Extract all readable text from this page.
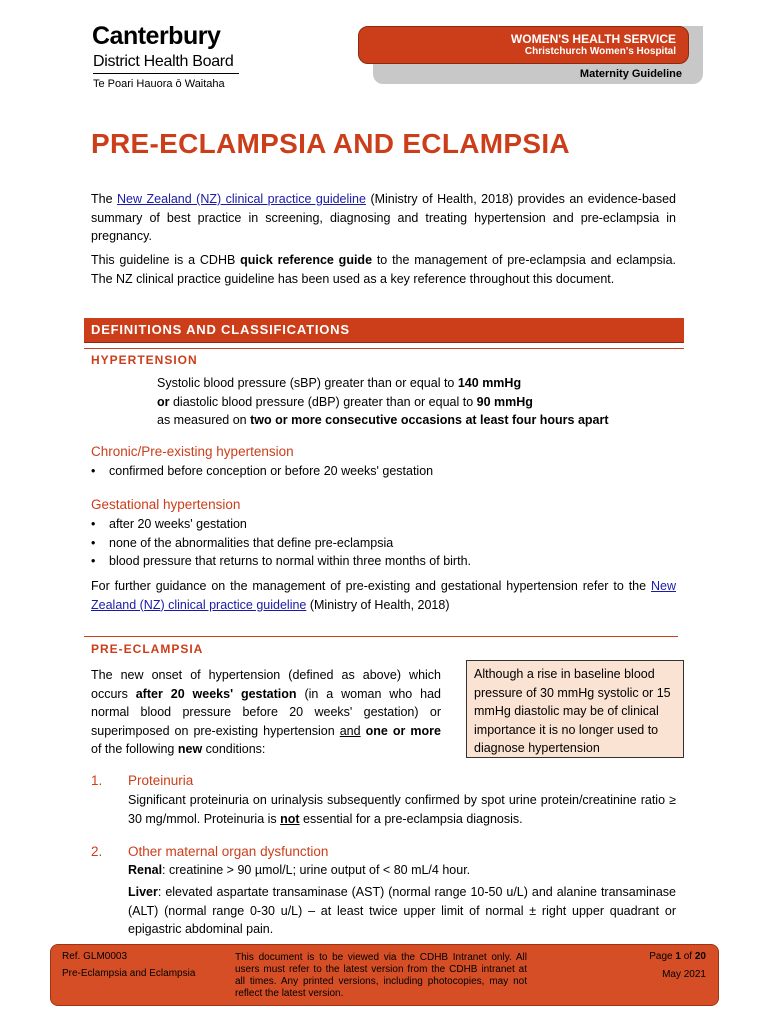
Canterbury
District Health Board
Te Poari Hauora ō Waitaha
WOMEN'S HEALTH SERVICE
Christchurch Women's Hospital
Maternity Guideline
PRE-ECLAMPSIA AND ECLAMPSIA
The New Zealand (NZ) clinical practice guideline (Ministry of Health, 2018) provides an evidence-based summary of best practice in screening, diagnosing and treating hypertension and pre-eclampsia in pregnancy.
This guideline is a CDHB quick reference guide to the management of pre-eclampsia and eclampsia. The NZ clinical practice guideline has been used as a key reference throughout this document.
DEFINITIONS AND CLASSIFICATIONS
HYPERTENSION
Systolic blood pressure (sBP) greater than or equal to 140 mmHg
or diastolic blood pressure (dBP) greater than or equal to 90 mmHg
as measured on two or more consecutive occasions at least four hours apart
Chronic/Pre-existing hypertension
• confirmed before conception or before 20 weeks' gestation
Gestational hypertension
• after 20 weeks' gestation
• none of the abnormalities that define pre-eclampsia
• blood pressure that returns to normal within three months of birth.
For further guidance on the management of pre-existing and gestational hypertension refer to the New Zealand (NZ) clinical practice guideline (Ministry of Health, 2018)
PRE-ECLAMPSIA
The new onset of hypertension (defined as above) which occurs after 20 weeks' gestation (in a woman who had normal blood pressure before 20 weeks' gestation) or superimposed on pre-existing hypertension and one or more of the following new conditions:
Although a rise in baseline blood pressure of 30 mmHg systolic or 15 mmHg diastolic may be of clinical importance it is no longer used to diagnose hypertension
1. Proteinuria
Significant proteinuria on urinalysis subsequently confirmed by spot urine protein/creatinine ratio ≥ 30 mg/mmol. Proteinuria is not essential for a pre-eclampsia diagnosis.
2. Other maternal organ dysfunction
Renal: creatinine > 90 µmol/L; urine output of < 80 mL/4 hour.
Liver: elevated aspartate transaminase (AST) (normal range 10-50 u/L) and alanine transaminase (ALT) (normal range 0-30 u/L) – at least twice upper limit of normal ± right upper quadrant or epigastric abdominal pain.
Ref. GLM0003
Pre-Eclampsia and Eclampsia
This document is to be viewed via the CDHB Intranet only. All users must refer to the latest version from the CDHB intranet at all times. Any printed versions, including photocopies, may not reflect the latest version.
Page 1 of 20
May 2021
